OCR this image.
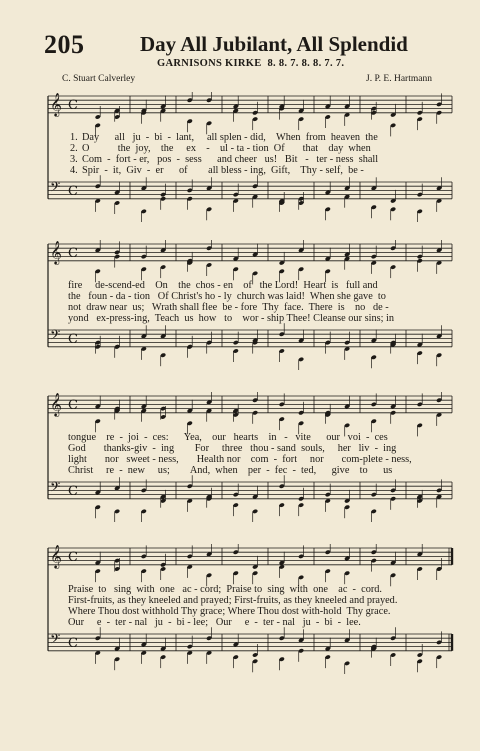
205	Day All Jubilant, All Splendid
GARNISONS KIRKE 8. 8. 7. 8. 8. 7. 7.
C. Stuart Calverley	J. P. E. Hartmann
𝄞 C
𝄢 C
1. Day      all   ju  -  bi  -  lant,     all splen - did,    When  from  heaven  the
2. O           the  joy,    the     ex    -    ul - ta - tion  Of       that    day  when
3. Com  -  fort - er,   pos  -  sess      and cheer   us!   Bit   -   ter - ness  shall
4. Spir  -  it,  Giv  -  er      of        all bless - ing,  Gift,    Thy - self,  be -
𝄞 C
𝄢 C
fire     de-scend-ed    On    the  chos - en    of   the Lord!  Heart  is   full and
the   foun - da - tion   Of Christ's ho - ly  church was laid!  When she gave  to
not  draw near  us;   Wrath shall flee  be - fore  Thy  face.  There  is    no   de -
yond   ex-press-ing,  Teach  us  how   to    wor - ship Thee! Cleanse our sins; in
𝄞 C
𝄢 C
tongue    re  -  joi  -  ces:      Yea,    our   hearts    in   -   vite      our   voi  -  ces
God       thanks-giv  -  ing        For     three   thou - sand  souls,     her   liv  -  ing
light       nor   sweet - ness,       Health nor    com  -  fort     nor       com-plete - ness,
Christ     re  -  new     us;        And,  when    per  -  fec  -  ted,      give    to      us
𝄞 C
𝄢 C
Praise  to   sing  with  one   ac - cord;  Praise to  sing  with  one    ac  -  cord.
First-fruits, as they kneeled and prayed; First-fruits, as they kneeled and prayed.
Where Thou dost withhold Thy grace; Where Thou dost with-hold  Thy grace.
Our     e  -  ter - nal   ju  -  bi - lee;   Our     e  -  ter - nal   ju  -  bi  -  lee.
